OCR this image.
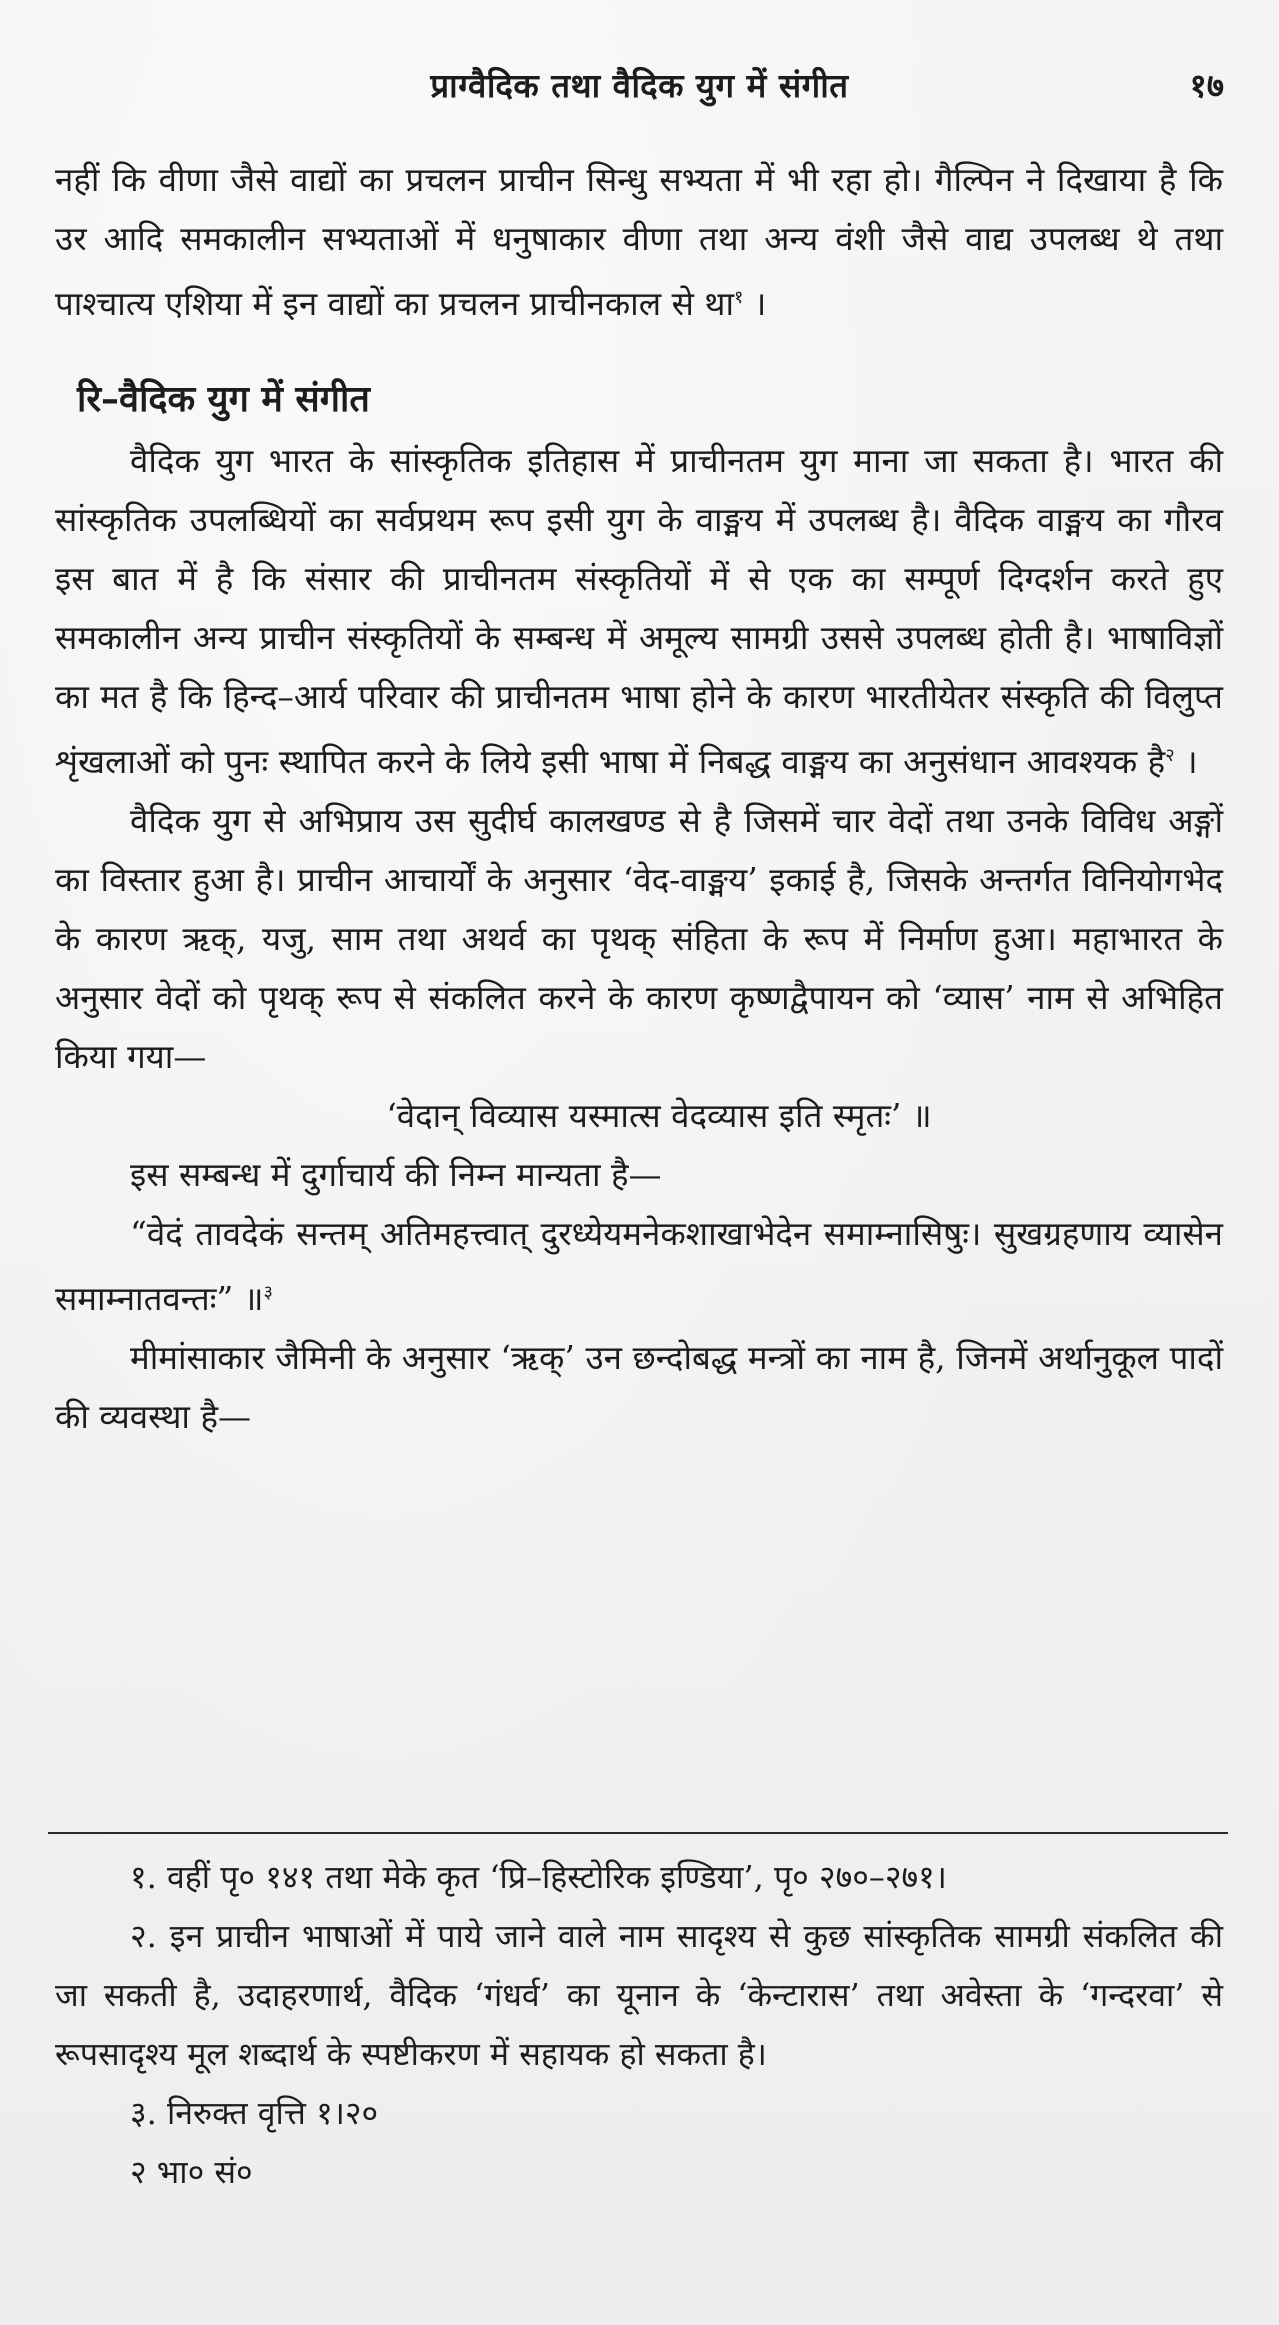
प्राग्वैदिक तथा वैदिक युग में संगीत	१७

नहीं कि वीणा जैसे वाद्यों का प्रचलन प्राचीन सिन्धु सभ्यता में भी रहा हो। गैल्पिन ने दिखाया है कि उर आदि समकालीन सभ्यताओं में धनुषाकार वीणा तथा अन्य वंशी जैसे वाद्य उपलब्ध थे तथा पाश्चात्य एशिया में इन वाद्यों का प्रचलन प्राचीनकाल से था$^१$ ।

रि–वैदिक युग में संगीत

वैदिक युग भारत के सांस्कृतिक इतिहास में प्राचीनतम युग माना जा सकता है। भारत की सांस्कृतिक उपलब्धियों का सर्वप्रथम रूप इसी युग के वाङ्मय में उपलब्ध है। वैदिक वाङ्मय का गौरव इस बात में है कि संसार की प्राचीनतम संस्कृतियों में से एक का सम्पूर्ण दिग्दर्शन करते हुए समकालीन अन्य प्राचीन संस्कृतियों के सम्बन्ध में अमूल्य सामग्री उससे उपलब्ध होती है। भाषाविज्ञों का मत है कि हिन्द–आर्य परिवार की प्राचीनतम भाषा होने के कारण भारतीयेतर संस्कृति की विलुप्त शृंखलाओं को पुनः स्थापित करने के लिये इसी भाषा में निबद्ध वाङ्मय का अनुसंधान आवश्यक है$^२$ ।

वैदिक युग से अभिप्राय उस सुदीर्घ कालखण्ड से है जिसमें चार वेदों तथा उनके विविध अङ्गों का विस्तार हुआ है। प्राचीन आचार्यों के अनुसार ‘वेद-वाङ्मय’ इकाई है, जिसके अन्तर्गत विनियोगभेद के कारण ऋक्, यजु, साम तथा अथर्व का पृथक् संहिता के रूप में निर्माण हुआ। महाभारत के अनुसार वेदों को पृथक् रूप से संकलित करने के कारण कृष्णद्वैपायन को ‘व्यास’ नाम से अभिहित किया गया—

‘वेदान् विव्यास यस्मात्स वेदव्यास इति स्मृतः’ ॥

इस सम्बन्ध में दुर्गाचार्य की निम्न मान्यता है—

“वेदं तावदेकं सन्तम् अतिमहत्त्वात् दुरध्येयमनेकशाखाभेदेन समाम्नासिषुः। सुखग्रहणाय व्यासेन समाम्नातवन्तः” ॥$^३$

मीमांसाकार जैमिनी के अनुसार ‘ऋक्’ उन छन्दोबद्ध मन्त्रों का नाम है, जिनमें अर्थानुकूल पादों की व्यवस्था है—

१. वहीं पृ० १४१ तथा मेके कृत ‘प्रि–हिस्टोरिक इण्डिया’, पृ० २७०–२७१।

२. इन प्राचीन भाषाओं में पाये जाने वाले नाम सादृश्य से कुछ सांस्कृतिक सामग्री संकलित की जा सकती है, उदाहरणार्थ, वैदिक ‘गंधर्व’ का यूनान के ‘केन्टारास’ तथा अवेस्ता के ‘गन्दरवा’ से रूपसादृश्य मूल शब्दार्थ के स्पष्टीकरण में सहायक हो सकता है।

३. निरुक्त वृत्ति १।२०

२ भा० सं०
